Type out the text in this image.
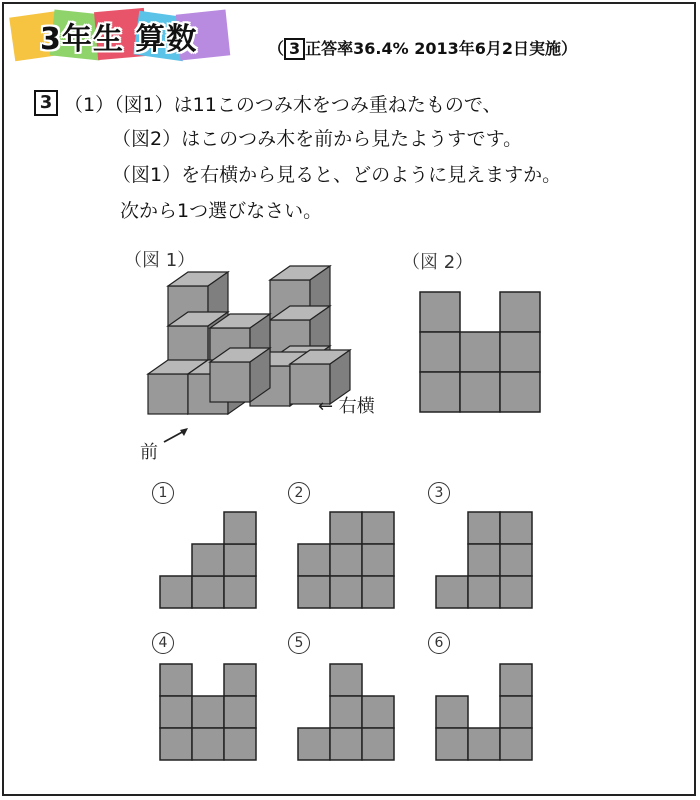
3年生 算数	（ 3 正答率36.4% 2013年6月2日実施）
3 （1）（図1）は11このつみ木をつみ重ねたもので、
（図2）はこのつみ木を前から見たようすです。
（図1）を右横から見ると、どのように見えますか。
次から1つ選びなさい。
（図 1）	（図 2）
← 右横
前
1	2	3
4	5	6
